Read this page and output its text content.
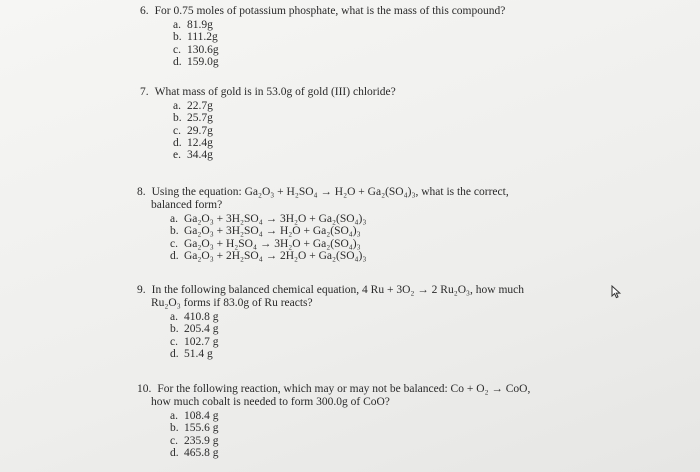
6. For 0.75 moles of potassium phosphate, what is the mass of this compound?
a. 81.9g
b. 111.2g
c. 130.6g
d. 159.0g
7. What mass of gold is in 53.0g of gold (III) chloride?
a. 22.7g
b. 25.7g
c. 29.7g
d. 12.4g
e. 34.4g
8. Using the equation: Ga₂O₃ + H₂SO₄ → H₂O + Ga₂(SO₄)₃, what is the correct,
balanced form?
a. Ga₂O₃ + 3H₂SO₄ → 3H₂O + Ga₂(SO₄)₃
b. Ga₂O₃ + 3H₂SO₄ → H₂O + Ga₂(SO₄)₃
c. Ga₂O₃ + H₂SO₄ → 3H₂O + Ga₂(SO₄)₃
d. Ga₂O₃ + 2H₂SO₄ → 2H₂O + Ga₂(SO₄)₃
9. In the following balanced chemical equation, 4 Ru + 3O₂ → 2 Ru₂O₃, how much
Ru₂O₃ forms if 83.0g of Ru reacts?
a. 410.8 g
b. 205.4 g
c. 102.7 g
d. 51.4 g
10. For the following reaction, which may or may not be balanced: Co + O₂ → CoO,
how much cobalt is needed to form 300.0g of CoO?
a. 108.4 g
b. 155.6 g
c. 235.9 g
d. 465.8 g
